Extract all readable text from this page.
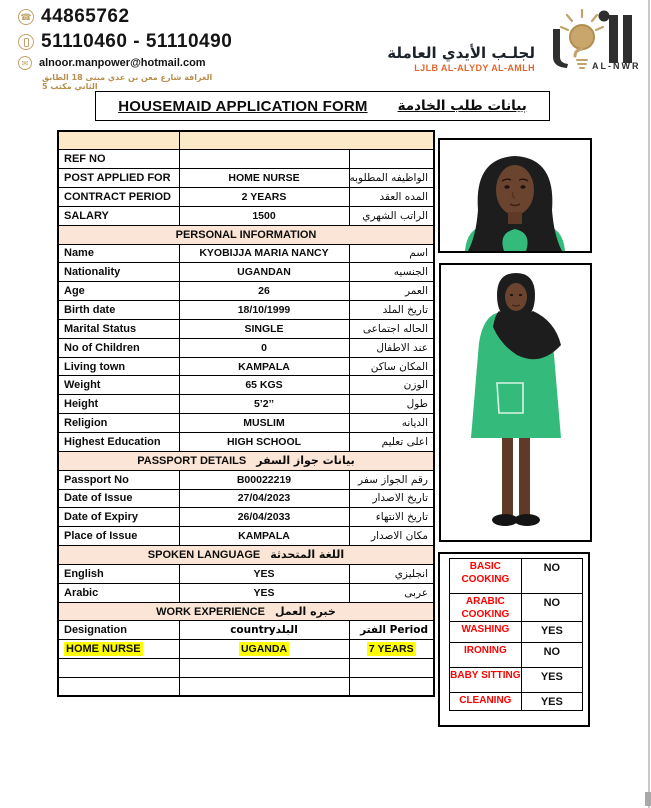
☎ 44865762
51110460 - 51110490
✉ alnoor.manpower@hotmail.com
الغرافة شارع معن بن عدي مبنى 18 الطابق الثاني مكتب 5
لجلـب الأيدي العاملة
LJLB AL-ALYDY AL-AMLH	AL-NWR
HOUSEMAID APPLICATION FORM بيانات طلب الخادمة

REF NO		
POST APPLIED FOR	HOME NURSE	الواظيفه المطلوبه
CONTRACT PERIOD	2 YEARS	المده العقد
SALARY	1500	الراتب الشهري
PERSONAL INFORMATION		
Name	KYOBIJJA MARIA NANCY	اسم
Nationality	UGANDAN	الجنسيه
Age	26	العمر
Birth date	18/10/1999	تاريخ الملد
Marital Status	SINGLE	الحاله اجتماعى
No of Children	0	عند الاطفال
Living town	KAMPALA	المكان ساكن
Weight	65 KGS	الوزن
Height	5’2’’	طول
Religion	MUSLIM	الديانه
Highest Education	HIGH SCHOOL	اعلى تعليم
PASSPORT DETAILS بيانات جواز السفر		
Passport No	B00022219	رقم الجواز سفر
Date of Issue	27/04/2023	تاريخ الاصدار
Date of Expiry	26/04/2033	تاريخ الانتهاء
Place of Issue	KAMPALA	مكان الاصدار
SPOKEN LANGUAGE اللغة المتحدثة		
English	YES	انجليزي
Arabic	YES	عربى
WORK EXPERIENCE خبره العمل		
Designation	countryالبلد	الفتر Period
HOME NURSE	UGANDA	7 YEARS

BASIC COOKING	NO
ARABIC COOKING	NO
WASHING	YES
IRONING	NO
BABY SITTING	YES
CLEANING	YES
